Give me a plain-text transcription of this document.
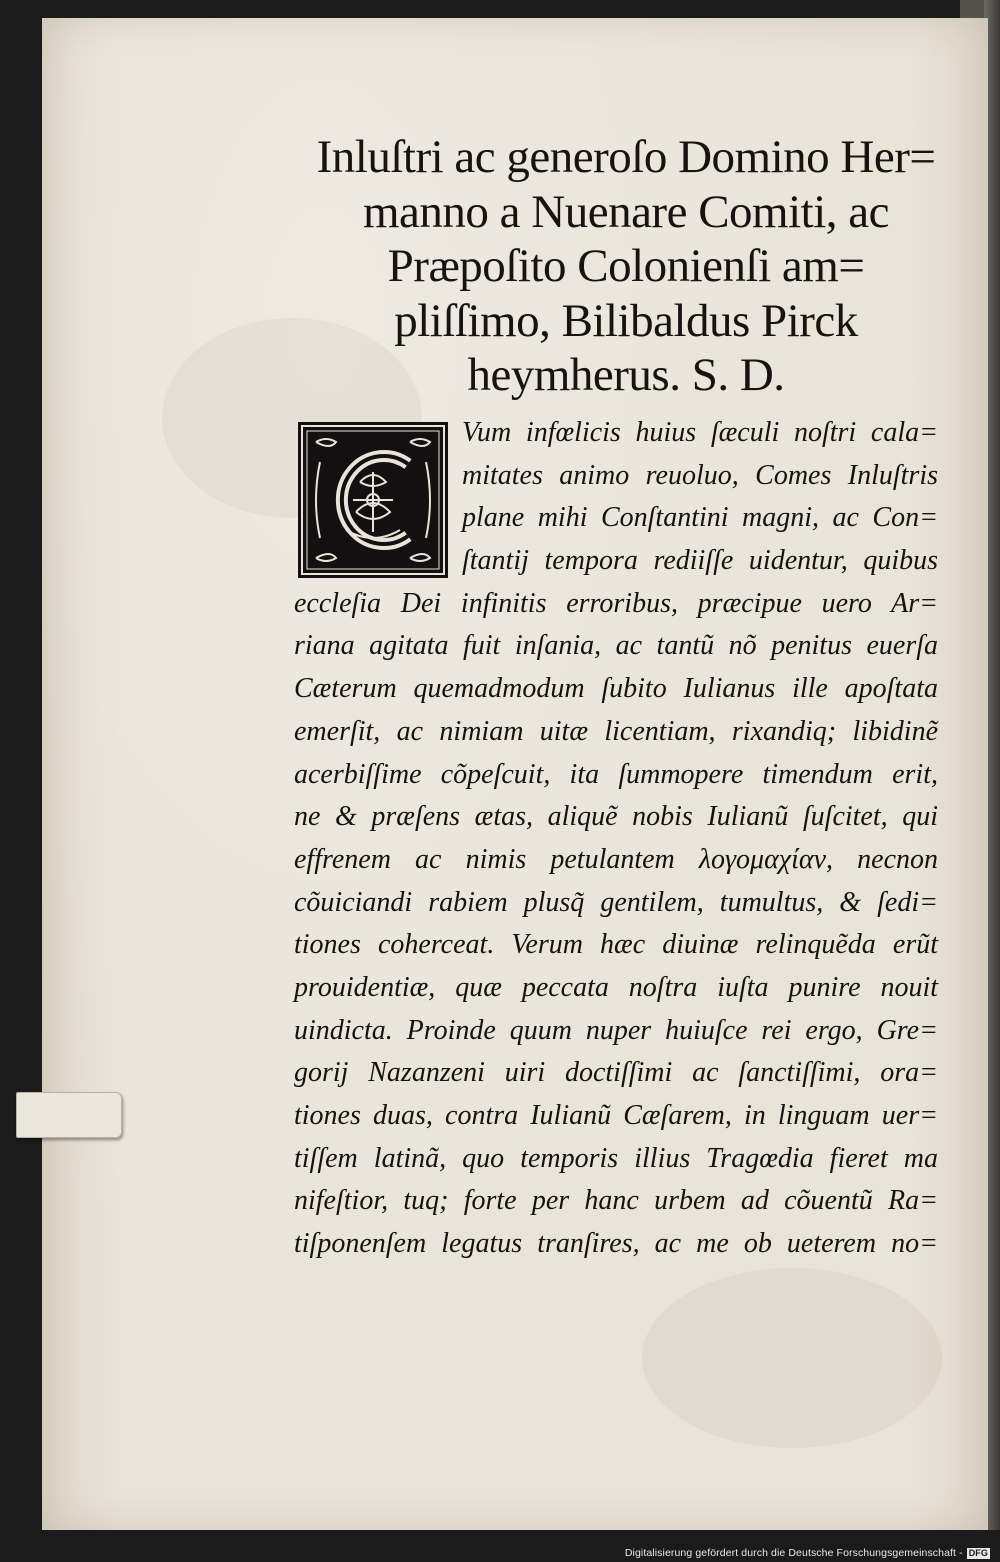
Inluſtri ac generoſo Domino Her=
manno a Nuenare Comiti, ac
Præpoſito Colonienſi am=
pliſſimo, Bilibaldus Pirck
heymherus. S. D.
Vum infœlicis huius ſæculi noſtri cala=
mitates animo reuoluo, Comes Inluſtris
plane mihi Conſtantini magni, ac Con=
ſtantij tempora rediiſſe uidentur, quibus
eccleſia Dei infinitis erroribus, præcipue uero Ar=
riana agitata fuit inſania, ac tantũ nõ penitus euerſa
Cæterum quemadmodum ſubito Iulianus ille apoſtata
emerſit, ac nimiam uitæ licentiam, rixandiq; libidinẽ
acerbiſſime cõpeſcuit, ita ſummopere timendum erit,
ne & præſens ætas, aliquẽ nobis Iulianũ ſuſcitet, qui
effrenem ac nimis petulantem λογομαχίαν, necnon
cõuiciandi rabiem plusq̃ gentilem, tumultus, & ſedi=
tiones coherceat. Verum hæc diuinæ relinquẽda erũt
prouidentiæ, quæ peccata noſtra iuſta punire nouit
uindicta. Proinde quum nuper huiuſce rei ergo, Gre=
gorij Nazanzeni uiri doctiſſimi ac ſanctiſſimi, ora=
tiones duas, contra Iulianũ Cæſarem, in linguam uer=
tiſſem latinã, quo temporis illius Tragœdia fieret ma
nifeſtior, tuq; forte per hanc urbem ad cõuentũ Ra=
tiſponenſem legatus tranſires, ac me ob ueterem no=
Digitalisierung gefördert durch die Deutsche Forschungsgemeinschaft - DFG
